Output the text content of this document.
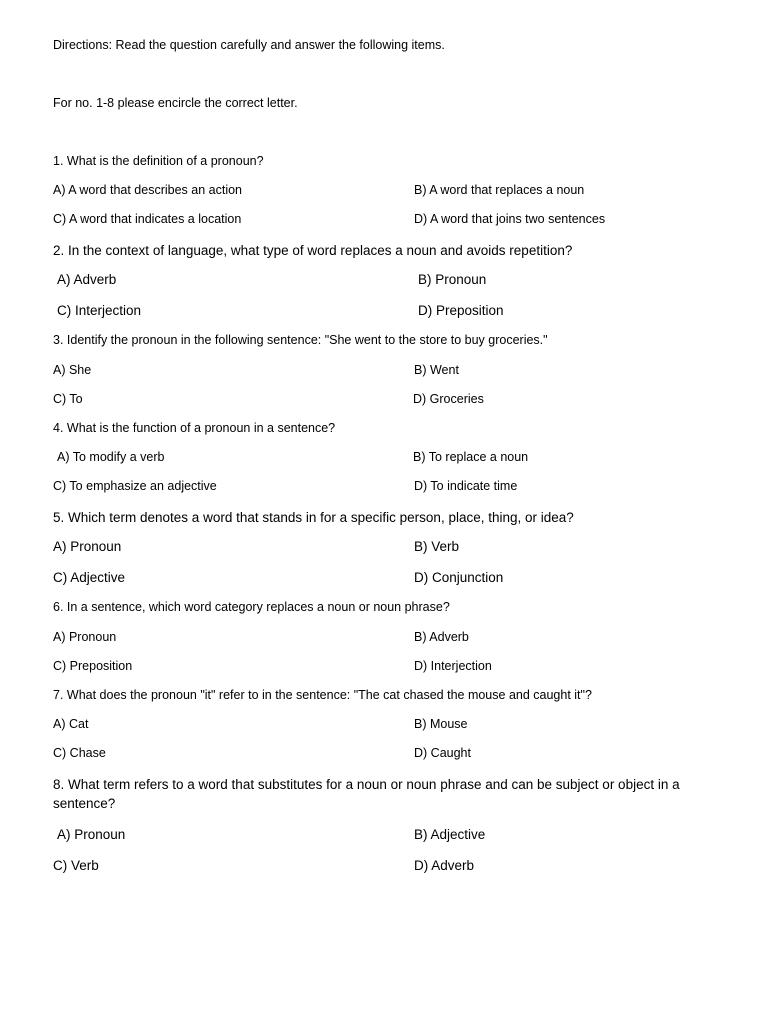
Directions: Read the question carefully and answer the following items.

For no. 1-8 please encircle the correct letter.

1. What is the definition of a pronoun?

A) A word that describes an action	B) A word that replaces a noun

C) A word that indicates a location	D) A word that joins two sentences

2. In the context of language, what type of word replaces a noun and avoids repetition?

A) Adverb	B) Pronoun

C) Interjection	D) Preposition

3. Identify the pronoun in the following sentence: "She went to the store to buy groceries."

A) She	B) Went

C) To	D) Groceries

4. What is the function of a pronoun in a sentence?

A) To modify a verb	B) To replace a noun

C) To emphasize an adjective	D) To indicate time

5. Which term denotes a word that stands in for a specific person, place, thing, or idea?

A) Pronoun	B) Verb

C) Adjective	D) Conjunction

6. In a sentence, which word category replaces a noun or noun phrase?

A) Pronoun	B) Adverb

C) Preposition	D) Interjection

7. What does the pronoun "it" refer to in the sentence: "The cat chased the mouse and caught it"?

A) Cat	B) Mouse

C) Chase	D) Caught

8. What term refers to a word that substitutes for a noun or noun phrase and can be subject or object in a sentence?

A) Pronoun	B) Adjective

C) Verb	D) Adverb
